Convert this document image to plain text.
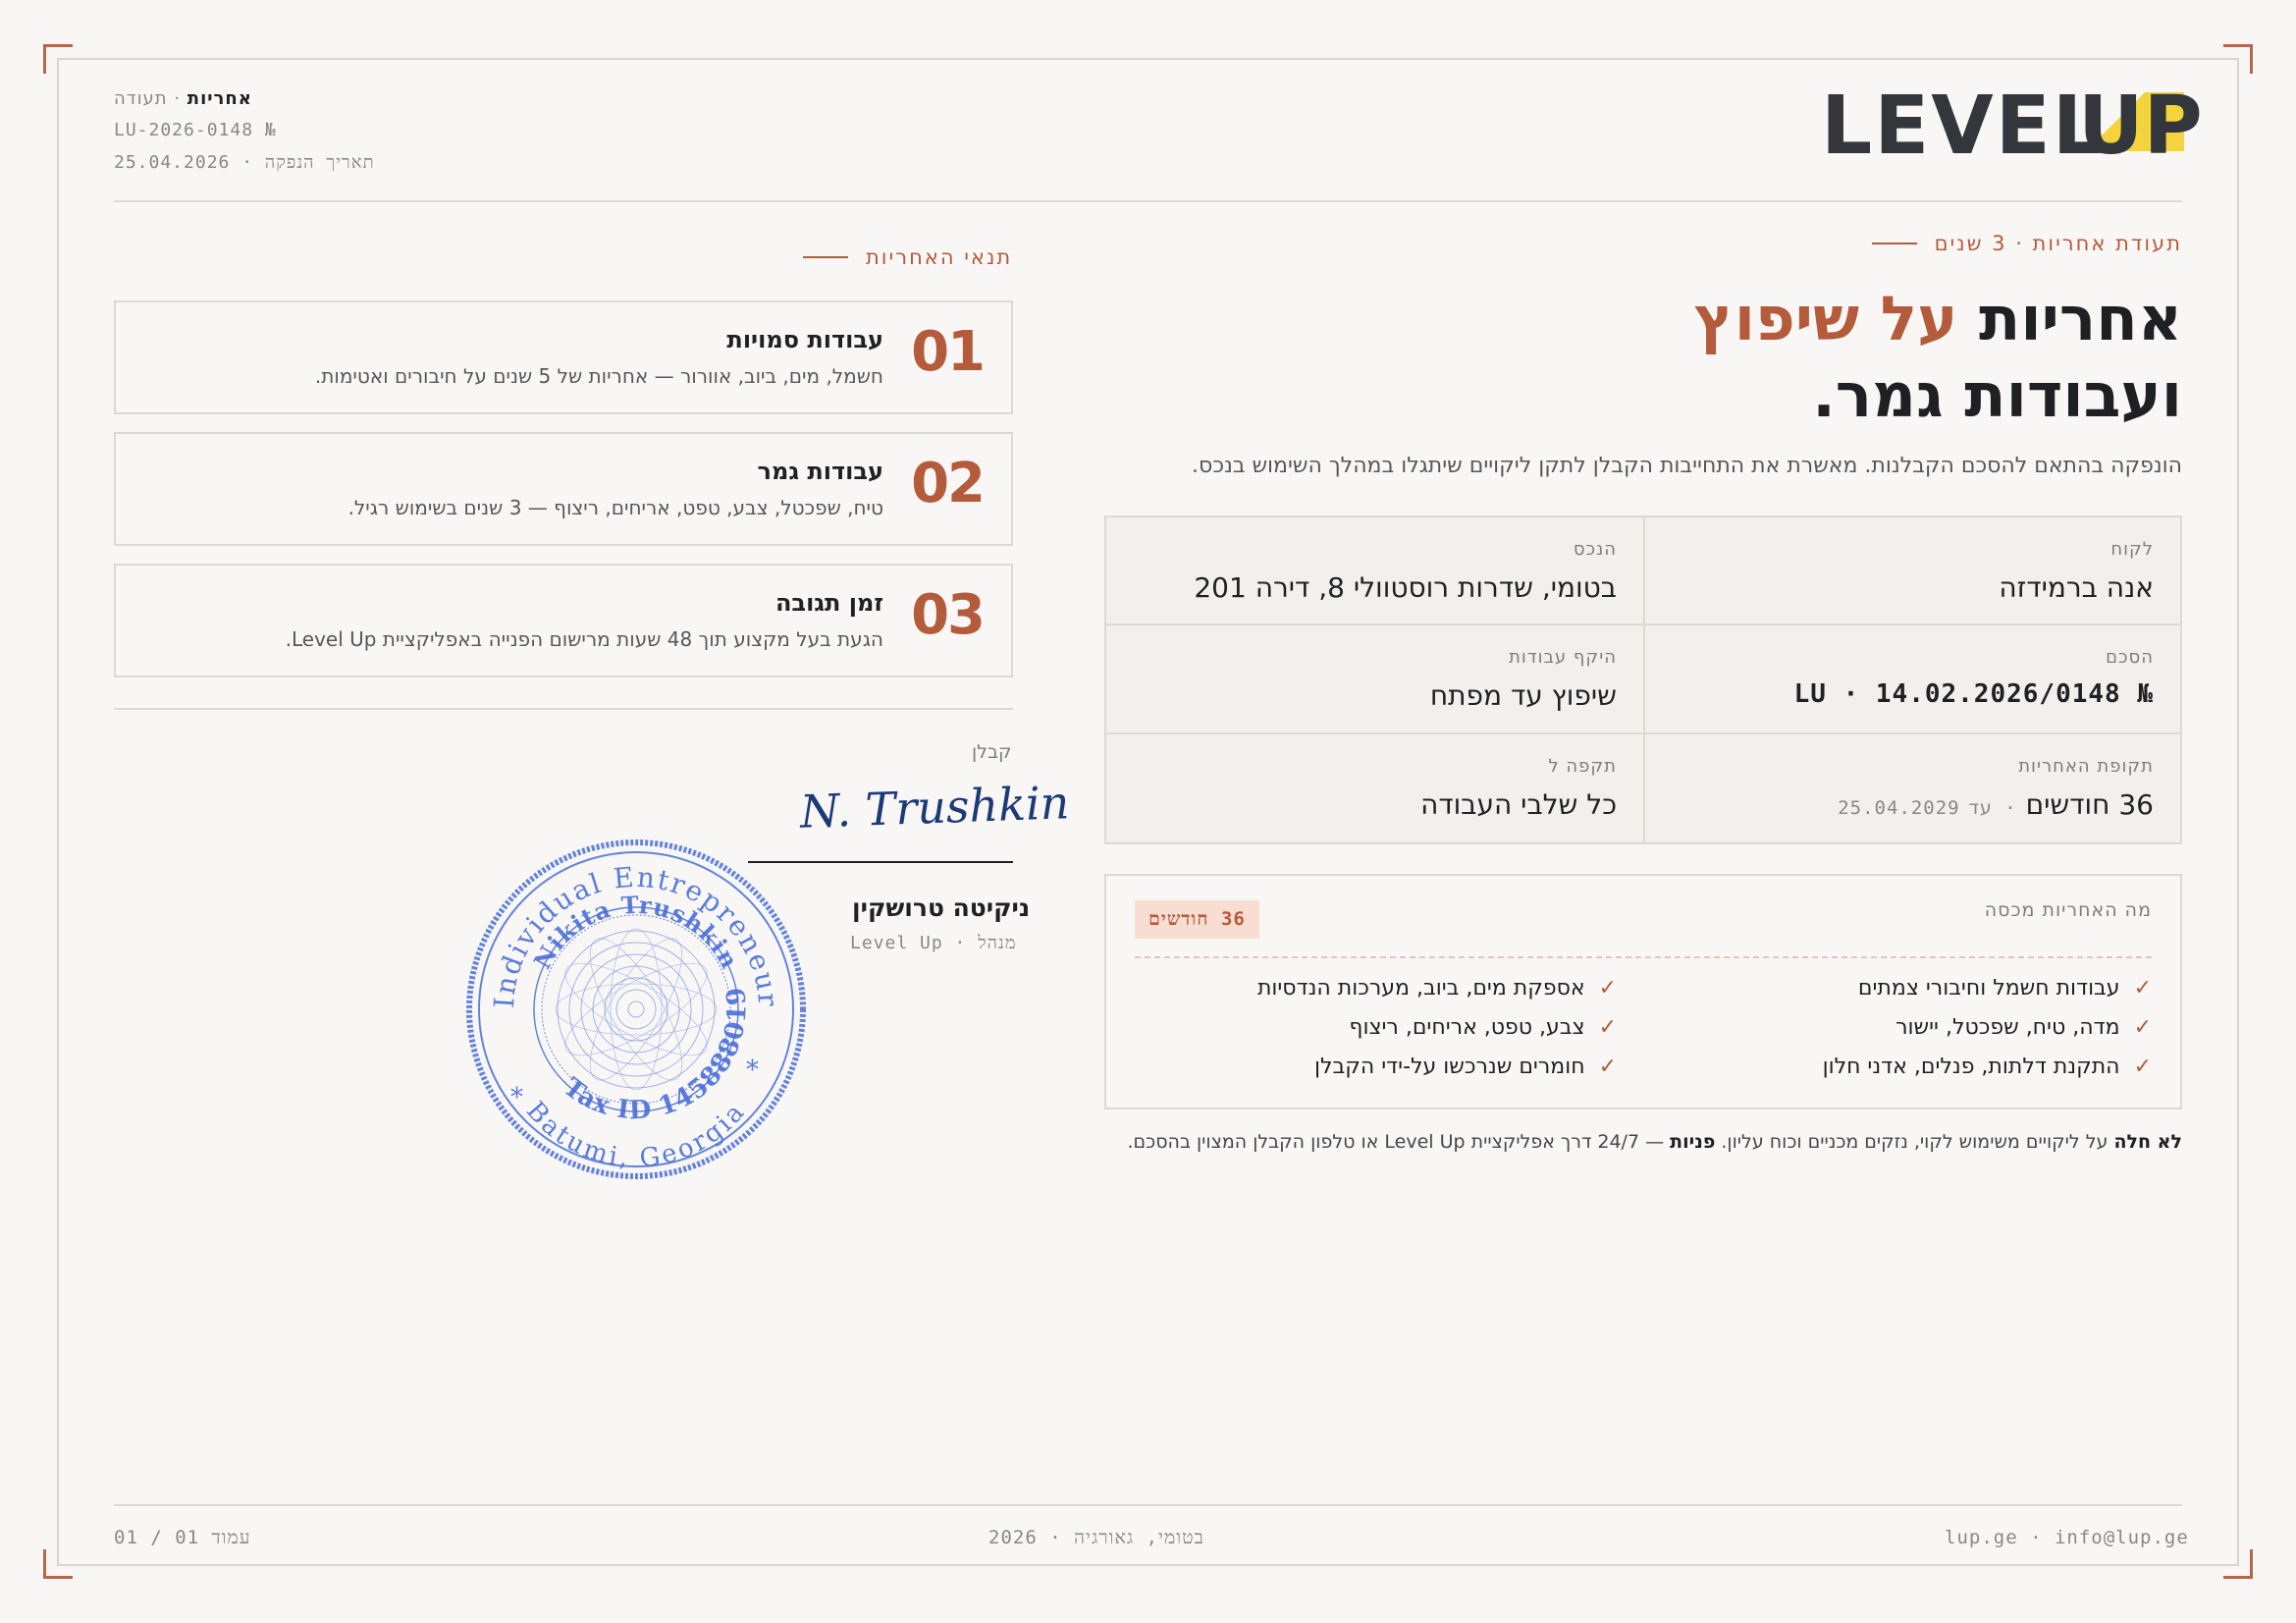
אחריות · תעודה
LU-2026-0148 №
25.04.2026 · תאריך הנפקה	LEVEL
UP
תעודת אחריות · 3 שנים
אחריות על שיפוץ
ועבודות גמר.
הונפקה בהתאם להסכם הקבלנות. מאשרת את התחייבות הקבלן לתקן ליקויים שיתגלו במהלך השימוש בנכס.
לקוח
אנה ברמידזה
הנכס
בטומי, שדרות רוסטוולי 8, דירה 201
הסכם
LU · 14.02.2026/0148 №
היקף עבודות
שיפוץ עד מפתח
תקופת האחריות
36 חודשים · עד 25.04.2029
תקפה ל
כל שלבי העבודה
מה האחריות מכסה
36 חודשים
✓עבודות חשמל וחיבורי צמתים
✓אספקת מים, ביוב, מערכות הנדסיות
✓מדה, טיח, שפכטל, יישור
✓צבע, טפט, אריחים, ריצוף
✓התקנת דלתות, פנלים, אדני חלון
✓חומרים שנרכשו על-ידי הקבלן
לא חלה על ליקויים משימוש לקוי, נזקים מכניים וכוח עליון. פניות — 24/7 דרך אפליקציית Level Up או טלפון הקבלן המצוין בהסכם.
תנאי האחריות
01
עבודות סמויות
חשמל, מים, ביוב, אוורור — אחריות של 5 שנים על חיבורים ואטימות.
02
עבודות גמר
טיח, שפכטל, צבע, טפט, אריחים, ריצוף — 3 שנים בשימוש רגיל.
03
זמן תגובה
הגעת בעל מקצוע תוך 48 שעות מרישום הפנייה באפליקציית Level Up.
קבלן
N. Trushkin
ניקיטה טרושקין
מנהל · Level Up
Individual Entrepreneur
Nikita Trushkin
Tax ID 145888019
Batumi, Georgia
*
*
עמוד 01 / 01	בטומי, גאורגיה · 2026	lup.ge · info@lup.ge
